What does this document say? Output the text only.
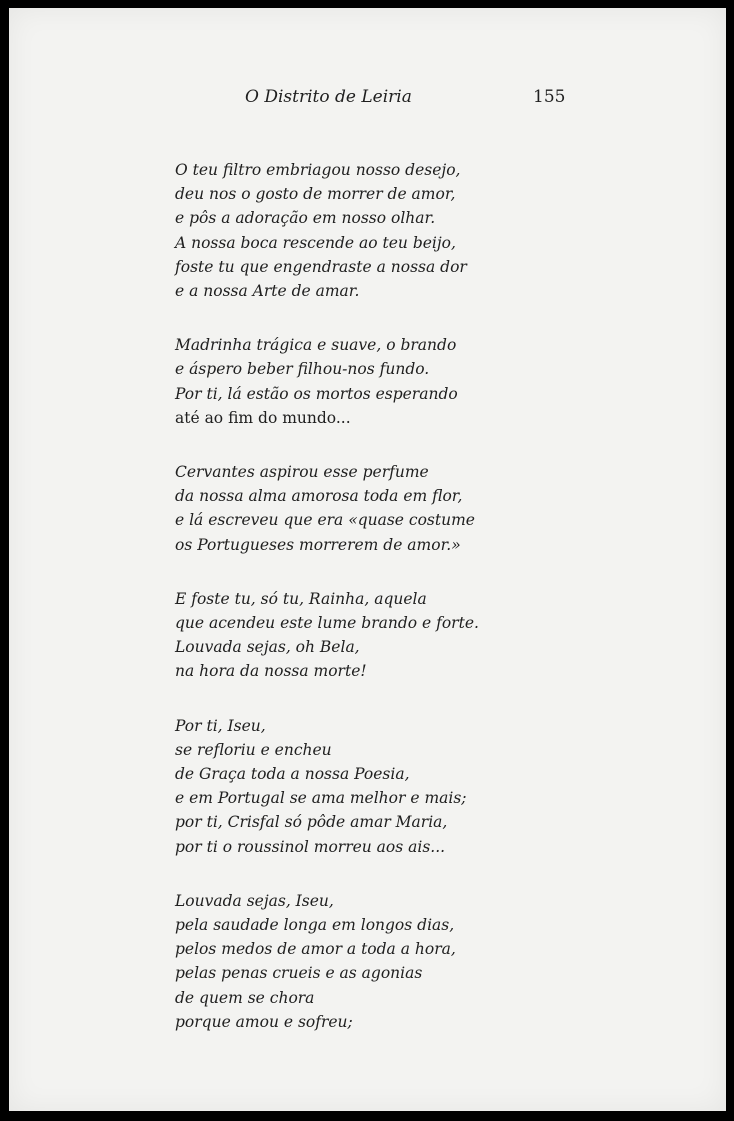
O Distrito de Leiria	155
O teu filtro embriagou nosso desejo,
deu nos o gosto de morrer de amor,
e pôs a adoração em nosso olhar.
A nossa boca rescende ao teu beijo,
foste tu que engendraste a nossa dor
e a nossa Arte de amar.
Madrinha trágica e suave, o brando
e áspero beber filhou-nos fundo.
Por ti, lá estão os mortos esperando
até ao fim do mundo...
Cervantes aspirou esse perfume
da nossa alma amorosa toda em flor,
e lá escreveu que era «quase costume
os Portugueses morrerem de amor.»
E foste tu, só tu, Rainha, aquela
que acendeu este lume brando e forte.
Louvada sejas, oh Bela,
na hora da nossa morte!
Por ti, Iseu,
se refloriu e encheu
de Graça toda a nossa Poesia,
e em Portugal se ama melhor e mais;
por ti, Crisfal só pôde amar Maria,
por ti o roussinol morreu aos ais...
Louvada sejas, Iseu,
pela saudade longa em longos dias,
pelos medos de amor a toda a hora,
pelas penas crueis e as agonias
de quem se chora
porque amou e sofreu;
